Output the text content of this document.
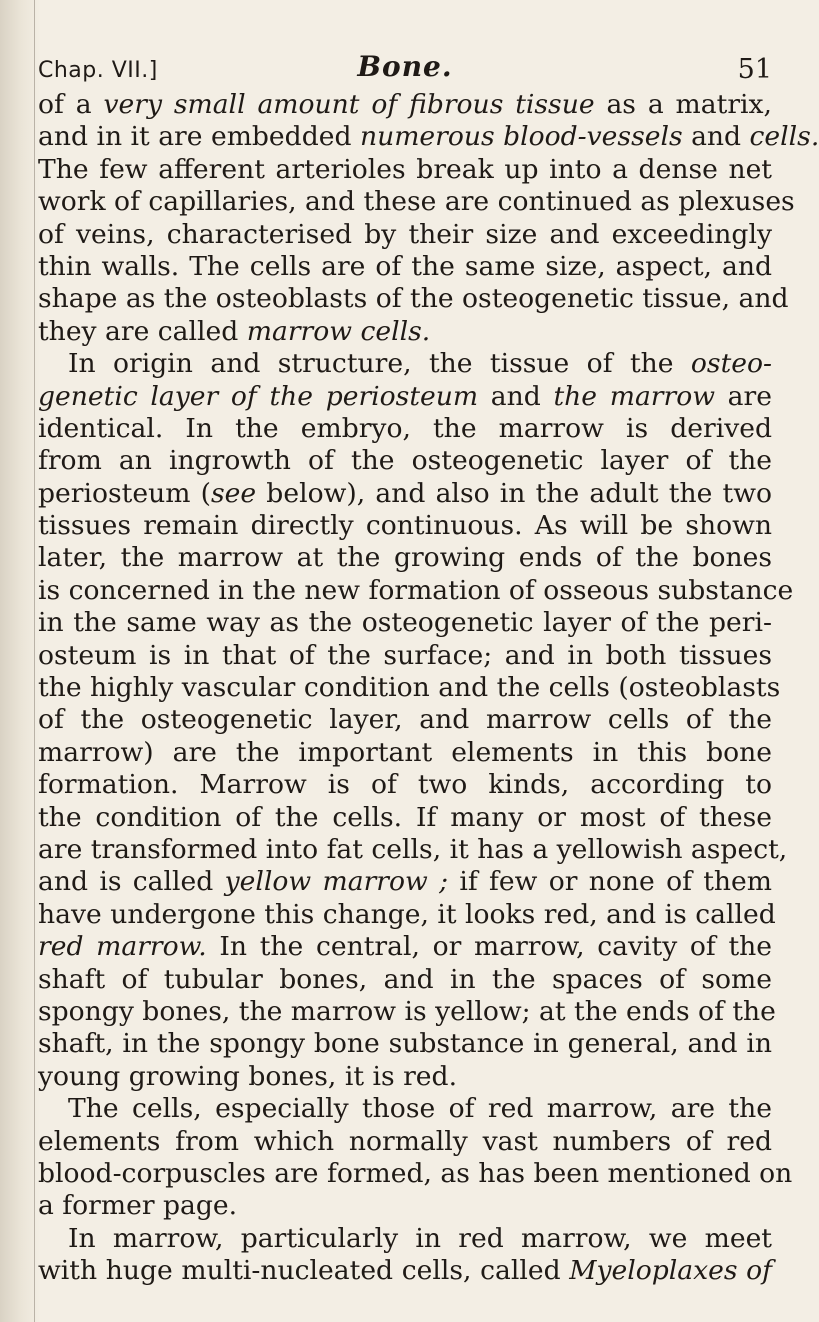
Chap. VII.]	Bone.	51
of a very small amount of fibrous tissue as a matrix,
and in it are embedded numerous blood-vessels and cells.
The few afferent arterioles break up into a dense net
work of capillaries, and these are continued as plexuses
of veins, characterised by their size and exceedingly
thin walls. The cells are of the same size, aspect, and
shape as the osteoblasts of the osteogenetic tissue, and
they are called marrow cells.
In origin and structure, the tissue of the osteo-
genetic layer of the periosteum and the marrow are
identical. In the embryo, the marrow is derived
from an ingrowth of the osteogenetic layer of the
periosteum (see below), and also in the adult the two
tissues remain directly continuous. As will be shown
later, the marrow at the growing ends of the bones
is concerned in the new formation of osseous substance
in the same way as the osteogenetic layer of the peri-
osteum is in that of the surface; and in both tissues
the highly vascular condition and the cells (osteoblasts
of the osteogenetic layer, and marrow cells of the
marrow) are the important elements in this bone
formation. Marrow is of two kinds, according to
the condition of the cells. If many or most of these
are transformed into fat cells, it has a yellowish aspect,
and is called yellow marrow ; if few or none of them
have undergone this change, it looks red, and is called
red marrow. In the central, or marrow, cavity of the
shaft of tubular bones, and in the spaces of some
spongy bones, the marrow is yellow; at the ends of the
shaft, in the spongy bone substance in general, and in
young growing bones, it is red.
The cells, especially those of red marrow, are the
elements from which normally vast numbers of red
blood-corpuscles are formed, as has been mentioned on
a former page.
In marrow, particularly in red marrow, we meet
with huge multi-nucleated cells, called Myeloplaxes of
